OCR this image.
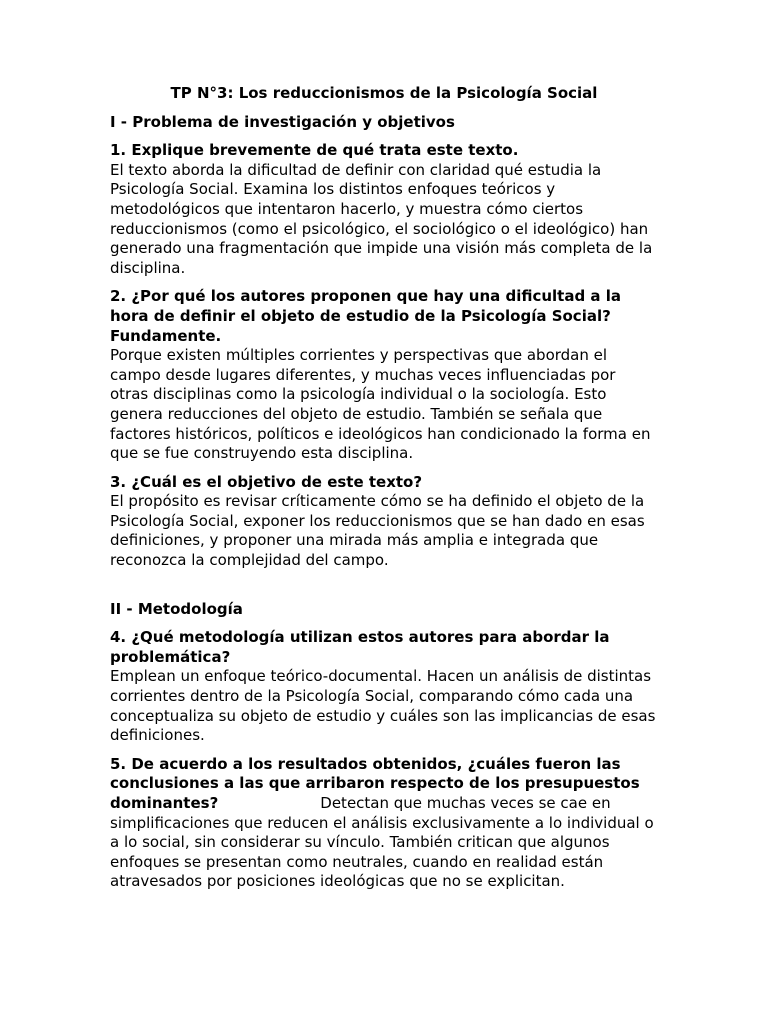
TP N°3: Los reduccionismos de la Psicología Social

I - Problema de investigación y objetivos

1. Explique brevemente de qué trata este texto.

El texto aborda la dificultad de definir con claridad qué estudia la Psicología Social. Examina los distintos enfoques teóricos y metodológicos que intentaron hacerlo, y muestra cómo ciertos reduccionismos (como el psicológico, el sociológico o el ideológico) han generado una fragmentación que impide una visión más completa de la disciplina.

2. ¿Por qué los autores proponen que hay una dificultad a la hora de definir el objeto de estudio de la Psicología Social? Fundamente.

Porque existen múltiples corrientes y perspectivas que abordan el campo desde lugares diferentes, y muchas veces influenciadas por otras disciplinas como la psicología individual o la sociología. Esto genera reducciones del objeto de estudio. También se señala que factores históricos, políticos e ideológicos han condicionado la forma en que se fue construyendo esta disciplina.

3. ¿Cuál es el objetivo de este texto?

El propósito es revisar críticamente cómo se ha definido el objeto de la Psicología Social, exponer los reduccionismos que se han dado en esas definiciones, y proponer una mirada más amplia e integrada que reconozca la complejidad del campo.

II - Metodología

4. ¿Qué metodología utilizan estos autores para abordar la problemática?

Emplean un enfoque teórico-documental. Hacen un análisis de distintas corrientes dentro de la Psicología Social, comparando cómo cada una conceptualiza su objeto de estudio y cuáles son las implicancias de esas definiciones.

5. De acuerdo a los resultados obtenidos, ¿cuáles fueron las conclusiones a las que arribaron respecto de los presupuestos dominantes?	Detectan que muchas veces se cae en simplificaciones que reducen el análisis exclusivamente a lo individual o a lo social, sin considerar su vínculo. También critican que algunos enfoques se presentan como neutrales, cuando en realidad están atravesados por posiciones ideológicas que no se explicitan.
